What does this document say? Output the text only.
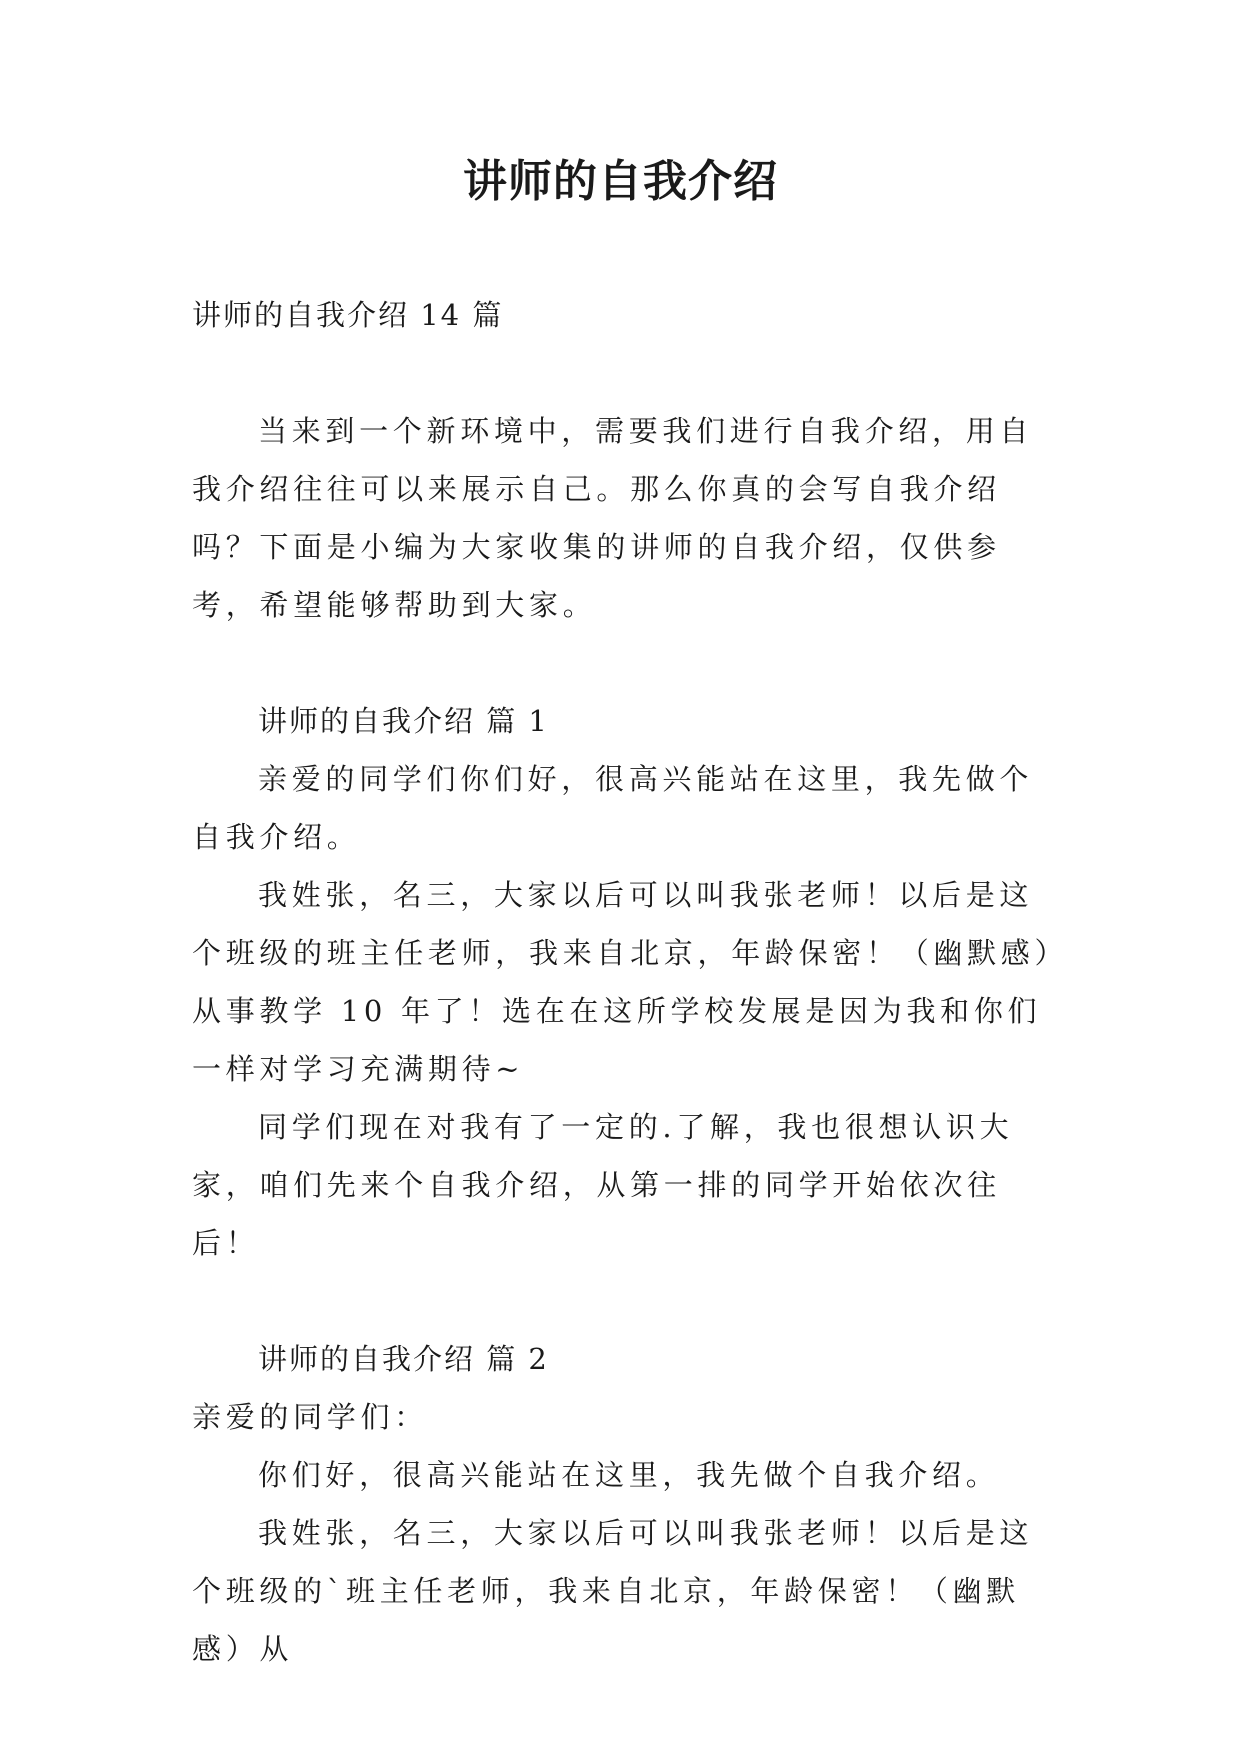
讲师的自我介绍

讲师的自我介绍 14 篇

当来到一个新环境中，需要我们进行自我介绍，用自我介绍往往可以来展示自己。那么你真的会写自我介绍吗？下面是小编为大家收集的讲师的自我介绍，仅供参考，希望能够帮助到大家。

讲师的自我介绍 篇 1

亲爱的同学们你们好，很高兴能站在这里，我先做个自我介绍。

我姓张，名三，大家以后可以叫我张老师！以后是这个班级的班主任老师，我来自北京，年龄保密！（幽默感）从事教学 10 年了！选在在这所学校发展是因为我和你们一样对学习充满期待~

同学们现在对我有了一定的.了解，我也很想认识大家，咱们先来个自我介绍，从第一排的同学开始依次往后！

讲师的自我介绍 篇 2

亲爱的同学们：

你们好，很高兴能站在这里，我先做个自我介绍。

我姓张，名三，大家以后可以叫我张老师！以后是这个班级的`班主任老师，我来自北京，年龄保密！（幽默感）从
